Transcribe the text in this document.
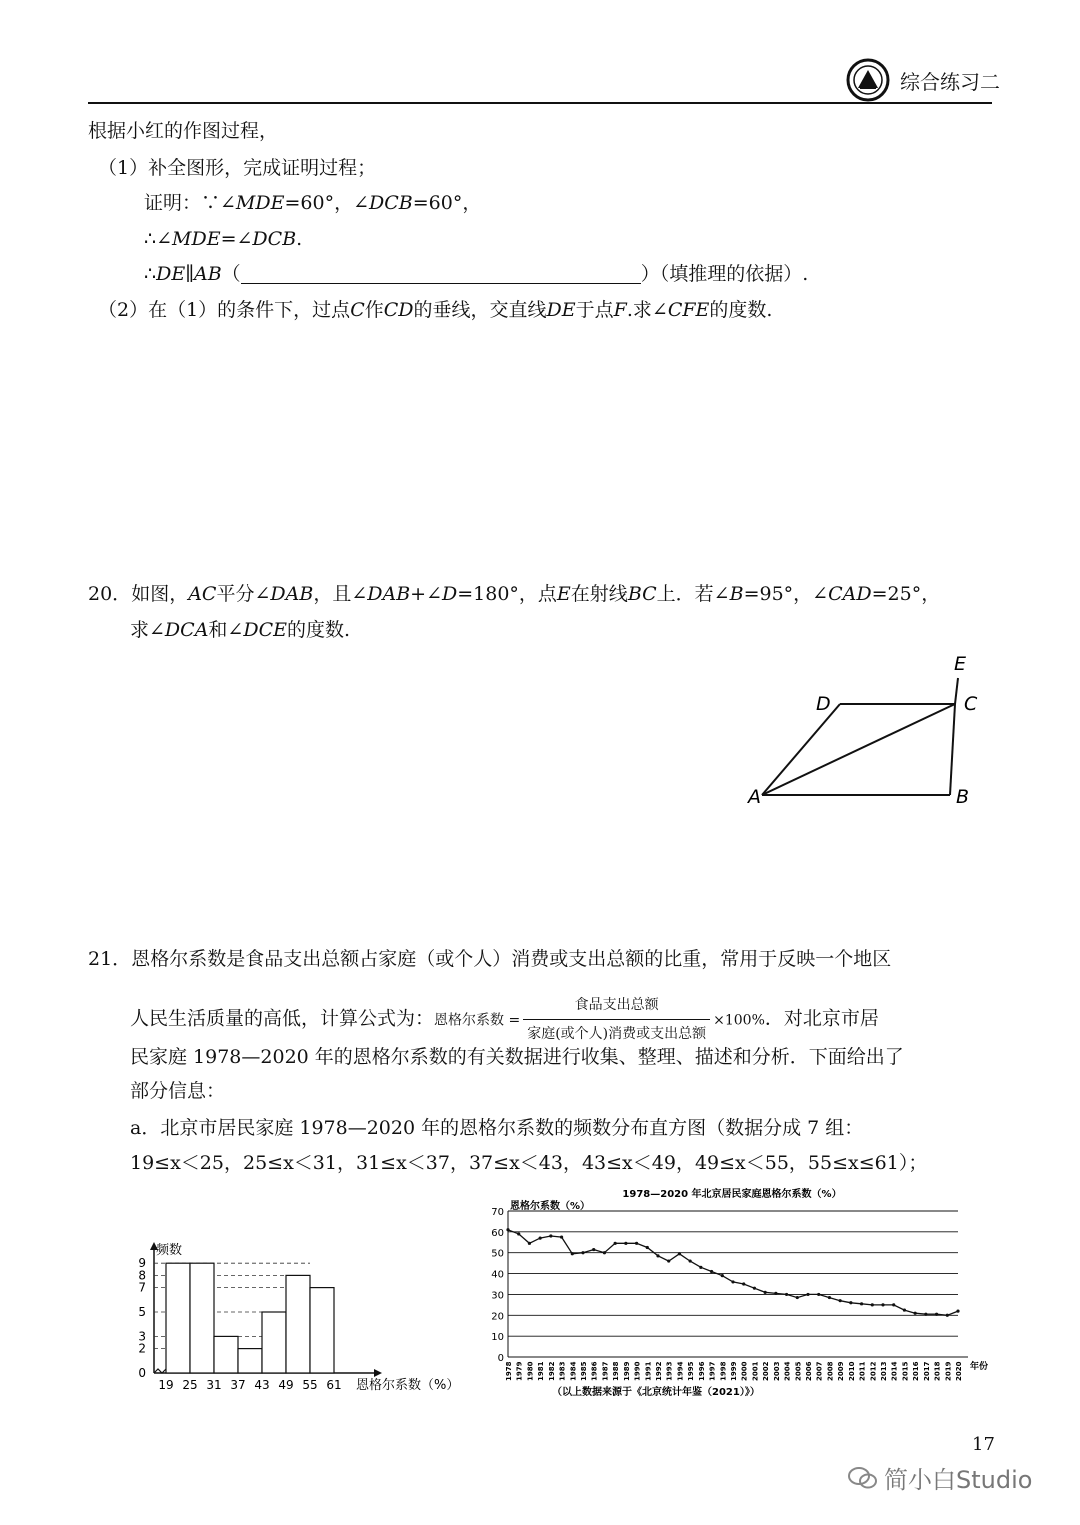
综合练习二
根据小红的作图过程，
（1）补全图形，完成证明过程；
证明：∵∠MDE=60°，∠DCB=60°，
∴∠MDE=∠DCB.
∴DE∥AB（	）（填推理的依据）.
（2）在（1）的条件下，过点C作CD的垂线，交直线DE于点F.求∠CFE的度数.
20．如图，AC平分∠DAB，且∠DAB+∠D=180°，点E在射线BC上．若∠B=95°，∠CAD=25°，
求∠DCA和∠DCE的度数.
A	B
C
D
E
21．恩格尔系数是食品支出总额占家庭（或个人）消费或支出总额的比重，常用于反映一个地区
人民生活质量的高低，计算公式为：恩格尔系数 = $\frac{\text{食品支出总额}}{\text{家庭(或个人)消费或支出总额}} \times 100\%$．对北京市居
民家庭 1978—2020 年的恩格尔系数的有关数据进行收集、整理、描述和分析．下面给出了
部分信息：
a．北京市居民家庭 1978—2020 年的恩格尔系数的频数分布直方图（数据分成 7 组：
19≤x＜25，25≤x＜31，31≤x＜37，37≤x＜43，43≤x＜49，49≤x＜55，55≤x≤61）；
频数
恩格尔系数（%）
0
2
3
5
7
8
9
19 25 31 37 43 49 55 61
1978—2020 年北京居民家庭恩格尔系数（%）
恩格尔系数（%）
0
10
20
30
40
50
60
70
年份
1978 1979 1980 1981 1982 1983 1984 1985 1986 1987 1988 1989 1990 1991 1992 1993 1994 1995 1996 1997 1998 1999 2000 2001 2002 2003 2004 2005 2006 2007 2008 2009 2010 2011 2012 2013 2014 2015 2016 2017 2018 2019 2020
（以上数据来源于《北京统计年鉴（2021）》）
17
简小白Studio
